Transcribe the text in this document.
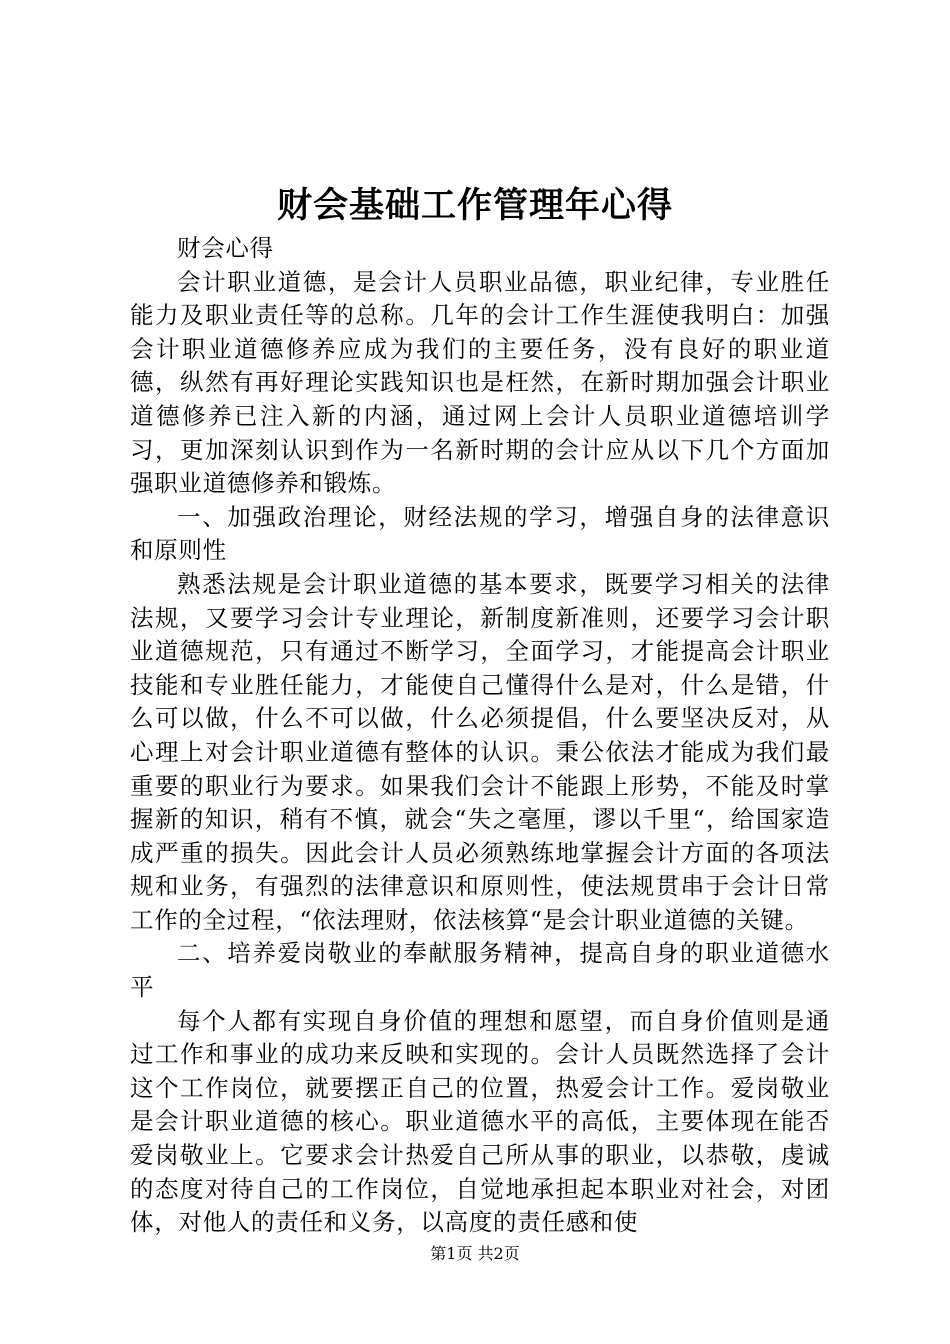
财会基础工作管理年心得

财会心得

会计职业道德，是会计人员职业品德，职业纪律，专业胜任能力及职业责任等的总称。几年的会计工作生涯使我明白：加强会计职业道德修养应成为我们的主要任务，没有良好的职业道德，纵然有再好理论实践知识也是枉然，在新时期加强会计职业道德修养已注入新的内涵，通过网上会计人员职业道德培训学习，更加深刻认识到作为一名新时期的会计应从以下几个方面加强职业道德修养和锻炼。

一、加强政治理论，财经法规的学习，增强自身的法律意识和原则性

熟悉法规是会计职业道德的基本要求，既要学习相关的法律法规，又要学习会计专业理论，新制度新准则，还要学习会计职业道德规范，只有通过不断学习，全面学习，才能提高会计职业技能和专业胜任能力，才能使自己懂得什么是对，什么是错，什么可以做，什么不可以做，什么必须提倡，什么要坚决反对，从心理上对会计职业道德有整体的认识。秉公依法才能成为我们最重要的职业行为要求。如果我们会计不能跟上形势，不能及时掌握新的知识，稍有不慎，就会“失之毫厘，谬以千里“，给国家造成严重的损失。因此会计人员必须熟练地掌握会计方面的各项法规和业务，有强烈的法律意识和原则性，使法规贯串于会计日常工作的全过程，“依法理财，依法核算“是会计职业道德的关键。

二、培养爱岗敬业的奉献服务精神，提高自身的职业道德水平

每个人都有实现自身价值的理想和愿望，而自身价值则是通过工作和事业的成功来反映和实现的。会计人员既然选择了会计这个工作岗位，就要摆正自己的位置，热爱会计工作。爱岗敬业是会计职业道德的核心。职业道德水平的高低，主要体现在能否爱岗敬业上。它要求会计热爱自己所从事的职业，以恭敬，虔诚的态度对待自己的工作岗位，自觉地承担起本职业对社会，对团体，对他人的责任和义务，以高度的责任感和使

第1页 共2页
